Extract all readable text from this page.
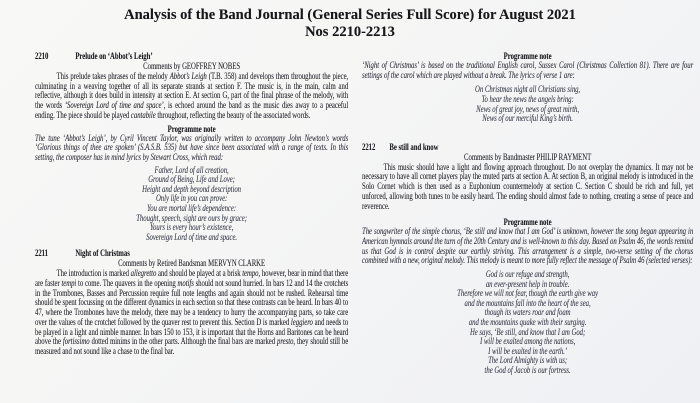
Analysis of the Band Journal (General Series Full Score) for August 2021
Nos 2210-2213
2210	Prelude on ‘Abbot’s Leigh’
Comments by GEOFFREY NOBES

This prelude takes phrases of the melody Abbot’s Leigh (T.B. 358) and develops them throughout the piece, culminating in a weaving together of all its separate strands at section F. The music is, in the main, calm and reflective, although it does build in intensity at section E. At section G, part of the final phrase of the melody, with the words ‘Sovereign Lord of time and space’, is echoed around the band as the music dies away to a peaceful ending. The piece should be played cantabile throughout, reflecting the beauty of the associated words.

Programme note

The tune ‘Abbot’s Leigh’, by Cyril Vincent Taylor, was originally written to accompany John Newton’s words ‘Glorious things of thee are spoken’ (S.A.S.B. 535) but have since been associated with a range of texts. In this setting, the composer has in mind lyrics by Stewart Cross, which read:

Father, Lord of all creation,
Ground of Being, Life and Love;
Height and depth beyond description
Only life in you can prove:
You are mortal life’s dependence:
Thought, speech, sight are ours by grace;
Yours is every hour’s existence,
Sovereign Lord of time and space.
2211	Night of Christmas
Comments by Retired Bandsman MERVYN CLARKE

The introduction is marked allegretto and should be played at a brisk tempo, however, bear in mind that there are faster tempi to come. The quavers in the opening motifs should not sound hurried. In bars 12 and 14 the crotchets in the Trombones, Basses and Percussion require full note lengths and again should not be rushed. Rehearsal time should be spent focussing on the different dynamics in each section so that these contrasts can be heard. In bars 40 to 47, where the Trombones have the melody, there may be a tendency to hurry the accompanying parts, so take care over the values of the crotchet followed by the quaver rest to prevent this. Section D is marked leggiero and needs to be played in a light and nimble manner. In bars 150 to 153, it is important that the Horns and Baritones can be heard above the fortissimo dotted minims in the other parts. Although the final bars are marked presto, they should still be measured and not sound like a chase to the final bar.

Programme note

‘Night of Christmas’ is based on the traditional English carol, Sussex Carol (Christmas Collection 81). There are four settings of the carol which are played without a break. The lyrics of verse 1 are:

On Christmas night all Christians sing,
To hear the news the angels bring:
News of great joy, news of great mirth,
News of our merciful King’s birth.
2212 Be still and know
Comments by Bandmaster PHILIP RAYMENT

This music should have a light and flowing approach throughout. Do not overplay the dynamics. It may not be necessary to have all cornet players play the muted parts at section A. At section B, an original melody is introduced in the Solo Cornet which is then used as a Euphonium countermelody at section C. Section C should be rich and full, yet unforced, allowing both tunes to be easily heard. The ending should almost fade to nothing, creating a sense of peace and reverence.

Programme note

The songwriter of the simple chorus, ‘Be still and know that I am God’ is unknown, however the song began appearing in American hymnals around the turn of the 20th Century and is well-known to this day. Based on Psalm 46, the words remind us that God is in control despite our earthly striving. This arrangement is a simple, two-verse setting of the chorus combined with a new, original melody. This melody is meant to more fully reflect the message of Psalm 46 (selected verses):

God is our refuge and strength,
an ever-present help in trouble.
Therefore we will not fear, though the earth give way
and the mountains fall into the heart of the sea,
though its waters roar and foam
and the mountains quake with their surging.
He says, ‘Be still, and know that I am God;
I will be exalted among the nations,
I will be exalted in the earth.’
The Lord Almighty is with us;
the God of Jacob is our fortress.
